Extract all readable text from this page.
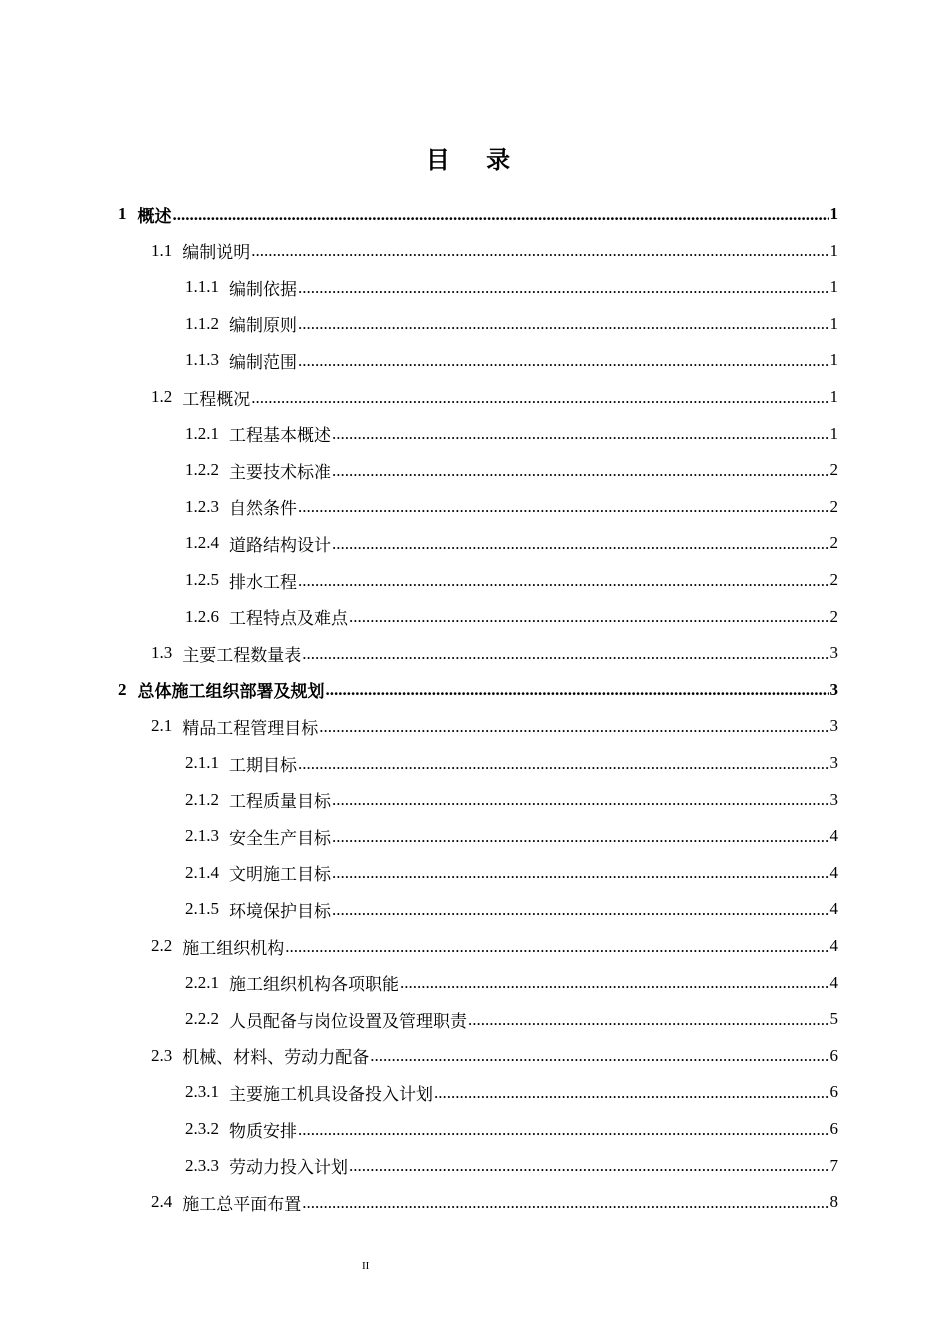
目 录
1 概述 .....	1
1.1 编制说明 .....	1
1.1.1 编制依据 .....	1
1.1.2 编制原则 .....	1
1.1.3 编制范围 .....	1
1.2 工程概况 .....	1
1.2.1 工程基本概述 .....	1
1.2.2 主要技术标准 .....	2
1.2.3 自然条件 .....	2
1.2.4 道路结构设计 .....	2
1.2.5 排水工程 .....	2
1.2.6 工程特点及难点 .....	2
1.3 主要工程数量表 .....	3
2 总体施工组织部署及规划 .....	3
2.1 精品工程管理目标 .....	3
2.1.1 工期目标 .....	3
2.1.2 工程质量目标 .....	3
2.1.3 安全生产目标 .....	4
2.1.4 文明施工目标 .....	4
2.1.5 环境保护目标 .....	4
2.2 施工组织机构 .....	4
2.2.1 施工组织机构各项职能 .....	4
2.2.2 人员配备与岗位设置及管理职责 .....	5
2.3 机械、材料、劳动力配备 .....	6
2.3.1 主要施工机具设备投入计划 .....	6
2.3.2 物质安排 .....	6
2.3.3 劳动力投入计划 .....	7
2.4 施工总平面布置 .....	8
II
